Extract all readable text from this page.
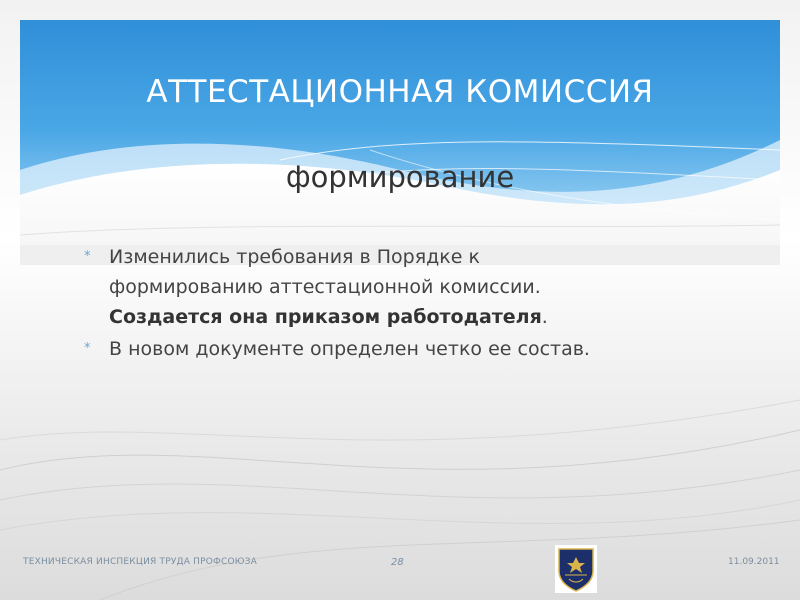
АТТЕСТАЦИОННАЯ КОМИССИЯ
формирование
* Изменились требования в Порядке к
формированию аттестационной комиссии.
Создается она приказом работодателя.
* В новом документе определен четко ее состав.
ТЕХНИЧЕСКАЯ ИНСПЕКЦИЯ ТРУДА ПРОФСОЮЗА	28	11.09.2011
